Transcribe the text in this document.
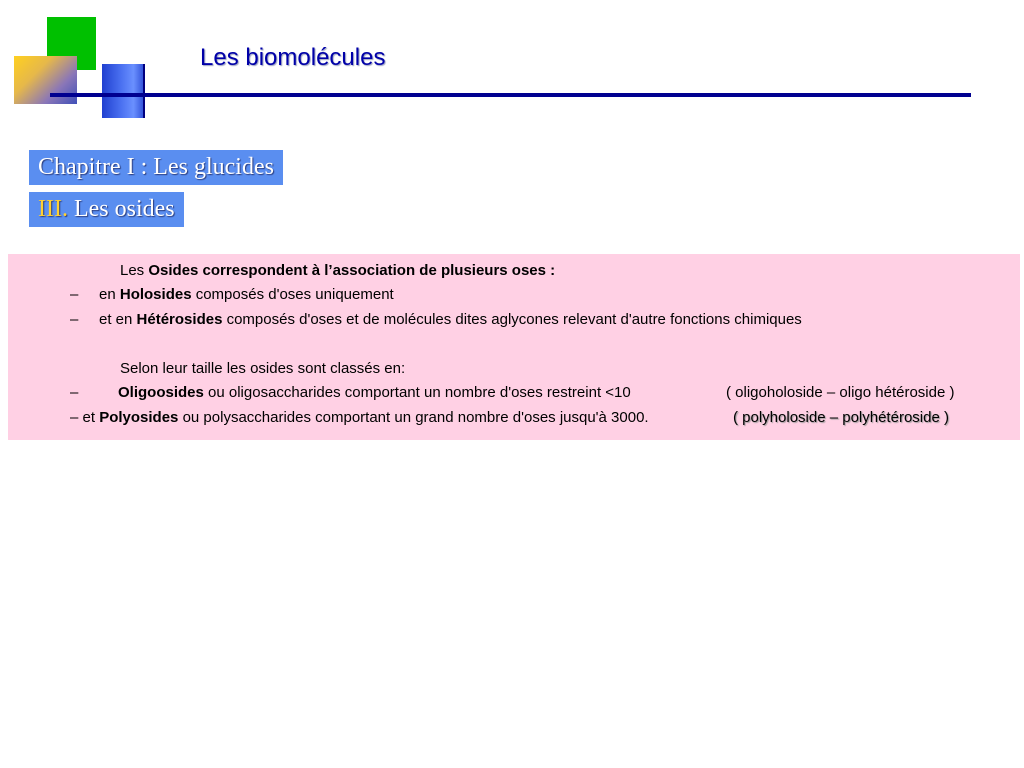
Les biomolécules
Chapitre I : Les glucides
III. Les osides
Les Osides correspondent à l’association de plusieurs oses :
– en Holosides composés d'oses uniquement
– et en Hétérosides composés d'oses et de molécules dites aglycones relevant d'autre fonctions chimiques
Selon leur taille les osides sont classés en:
–	Oligoosides ou oligosaccharides comportant un nombre d'oses restreint <10	( oligoholoside – oligo hétéroside )
– et Polyosides ou polysaccharides comportant un grand nombre d'oses jusqu'à 3000.	( polyholoside – polyhétéroside )
